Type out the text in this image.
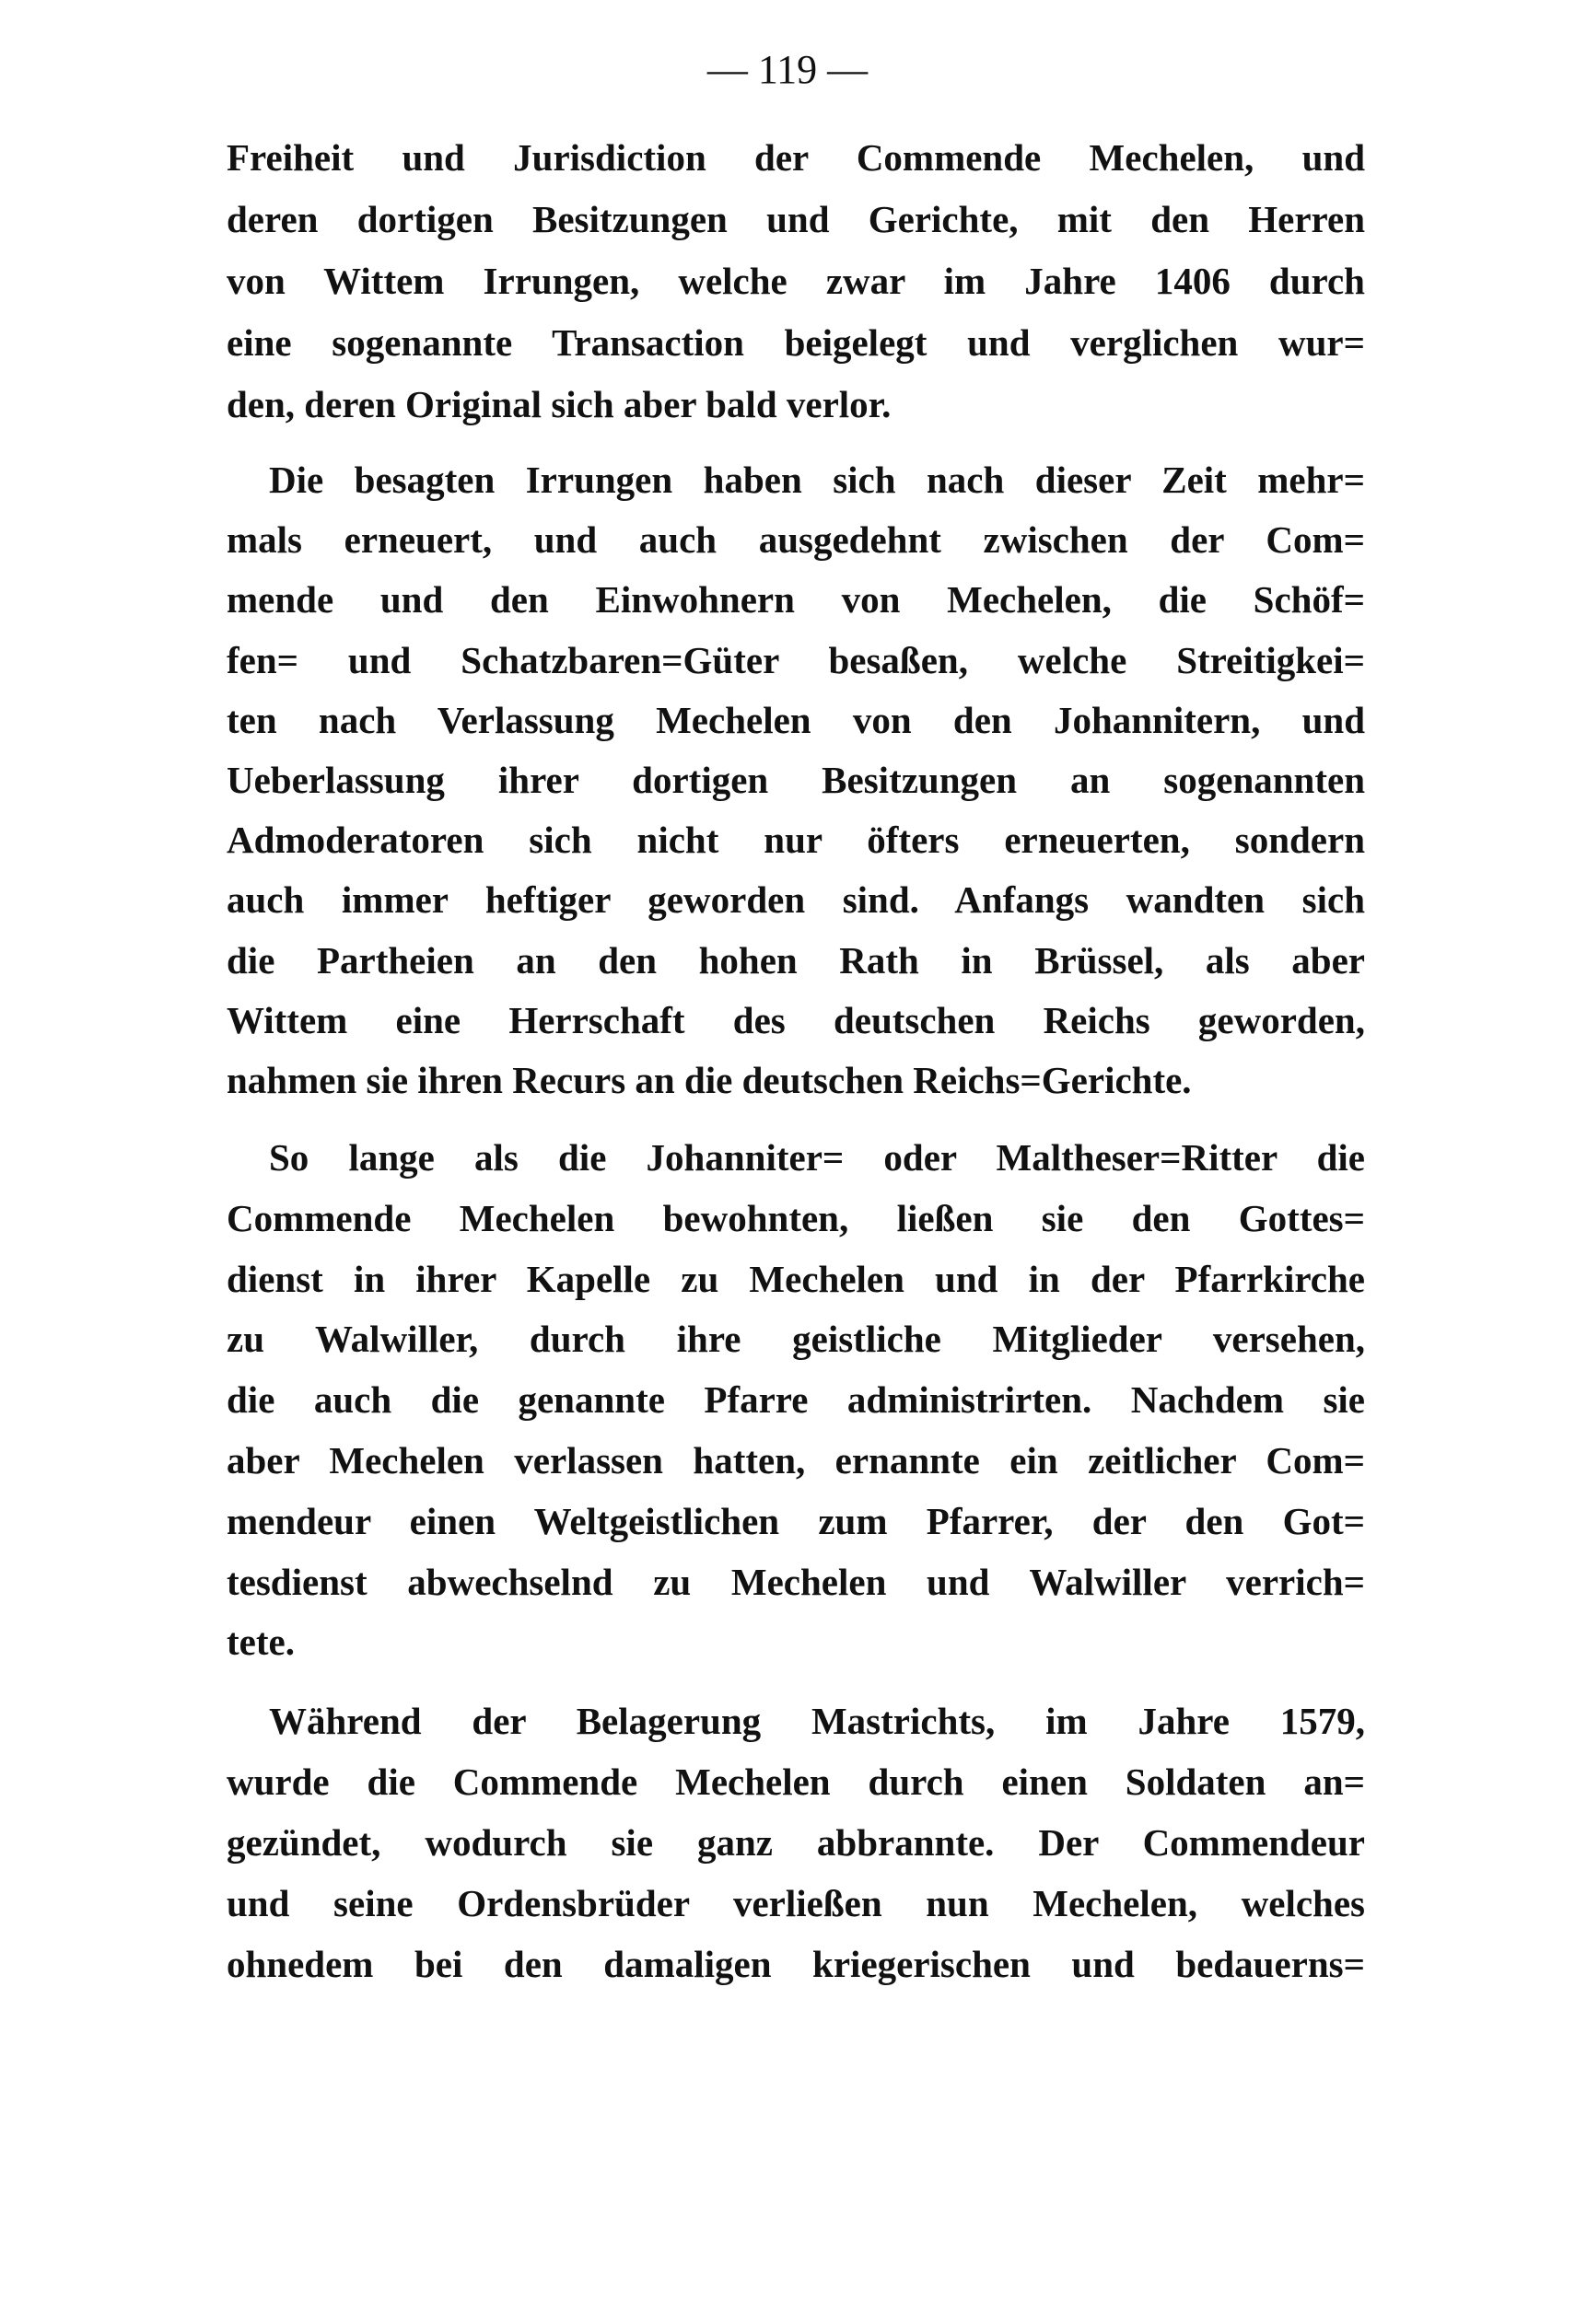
— 119 —
Freiheit und Jurisdiction der Commende Mechelen, und
deren dortigen Besitzungen und Gerichte, mit den Herren
von Wittem Irrungen, welche zwar im Jahre 1406 durch
eine sogenannte Transaction beigelegt und verglichen wur=
den, deren Original sich aber bald verlor.
Die besagten Irrungen haben sich nach dieser Zeit mehr=
mals erneuert, und auch ausgedehnt zwischen der Com=
mende und den Einwohnern von Mechelen, die Schöf=
fen= und Schatzbaren=Güter besaßen, welche Streitigkei=
ten nach Verlassung Mechelen von den Johannitern, und
Ueberlassung ihrer dortigen Besitzungen an sogenannten
Admoderatoren sich nicht nur öfters erneuerten, sondern
auch immer heftiger geworden sind. Anfangs wandten sich
die Partheien an den hohen Rath in Brüssel, als aber
Wittem eine Herrschaft des deutschen Reichs geworden,
nahmen sie ihren Recurs an die deutschen Reichs=Gerichte.
So lange als die Johanniter= oder Maltheser=Ritter die
Commende Mechelen bewohnten, ließen sie den Gottes=
dienst in ihrer Kapelle zu Mechelen und in der Pfarrkirche
zu Walwiller, durch ihre geistliche Mitglieder versehen,
die auch die genannte Pfarre administrirten. Nachdem sie
aber Mechelen verlassen hatten, ernannte ein zeitlicher Com=
mendeur einen Weltgeistlichen zum Pfarrer, der den Got=
tesdienst abwechselnd zu Mechelen und Walwiller verrich=
tete.
Während der Belagerung Mastrichts, im Jahre 1579,
wurde die Commende Mechelen durch einen Soldaten an=
gezündet, wodurch sie ganz abbrannte. Der Commendeur
und seine Ordensbrüder verließen nun Mechelen, welches
ohnedem bei den damaligen kriegerischen und bedauerns=
